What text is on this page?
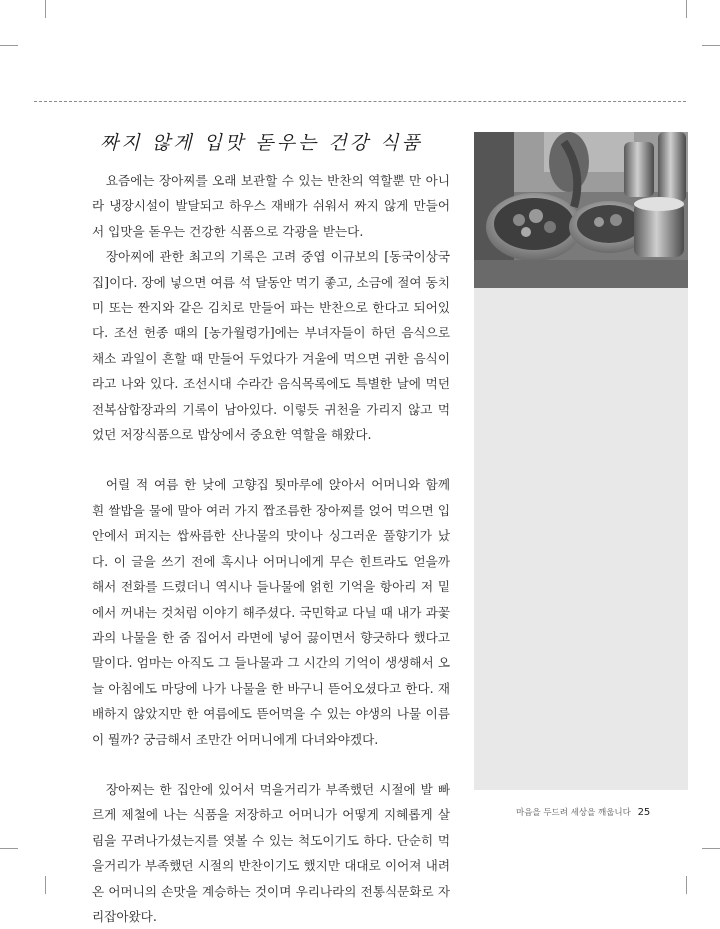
짜지 않게 입맛 돋우는 건강 식품

요즘에는 장아찌를 오래 보관할 수 있는 반찬의 역할뿐 만 아니라 냉장시설이 발달되고 하우스 재배가 쉬워서 짜지 않게 만들어서 입맛을 돋우는 건강한 식품으로 각광을 받는다.

장아찌에 관한 최고의 기록은 고려 중엽 이규보의 [동국이상국집]이다. 장에 넣으면 여름 석 달동안 먹기 좋고, 소금에 절여 동치미 또는 짠지와 같은 김치로 만들어 파는 반찬으로 한다고 되어있다. 조선 헌종 때의 [농가월령가]에는 부녀자들이 하던 음식으로 채소 과일이 흔할 때 만들어 두었다가 겨울에 먹으면 귀한 음식이라고 나와 있다. 조선시대 수라간 음식목록에도 특별한 날에 먹던 전복삼합장과의 기록이 남아있다. 이렇듯 귀천을 가리지 않고 먹었던 저장식품으로 밥상에서 중요한 역할을 해왔다.

어릴 적 여름 한 낮에 고향집 툇마루에 앉아서 어머니와 함께 흰 쌀밥을 물에 말아 여러 가지 짭조름한 장아찌를 얹어 먹으면 입안에서 퍼지는 쌉싸름한 산나물의 맛이나 싱그러운 풀향기가 났다. 이 글을 쓰기 전에 혹시나 어머니에게 무슨 힌트라도 얻을까 해서 전화를 드렸더니 역시나 들나물에 얽힌 기억을 항아리 저 밑에서 꺼내는 것처럼 이야기 해주셨다. 국민학교 다닐 때 내가 과꽃과의 나물을 한 줌 집어서 라면에 넣어 끓이면서 향긋하다 했다고 말이다. 엄마는 아직도 그 들나물과 그 시간의 기억이 생생해서 오늘 아침에도 마당에 나가 나물을 한 바구니 뜯어오셨다고 한다. 재배하지 않았지만 한 여름에도 뜯어먹을 수 있는 야생의 나물 이름이 뭘까? 궁금해서 조만간 어머니에게 다녀와야겠다.

장아찌는 한 집안에 있어서 먹을거리가 부족했던 시절에 발 빠르게 제철에 나는 식품을 저장하고 어머니가 어떻게 지혜롭게 살림을 꾸려나가셨는지를 엿볼 수 있는 척도이기도 하다. 단순히 먹을거리가 부족했던 시절의 반찬이기도 했지만 대대로 이어져 내려온 어머니의 손맛을 계승하는 것이며 우리나라의 전통식문화로 자리잡아왔다.

마음을 두드려 세상을 깨웁니다 25
